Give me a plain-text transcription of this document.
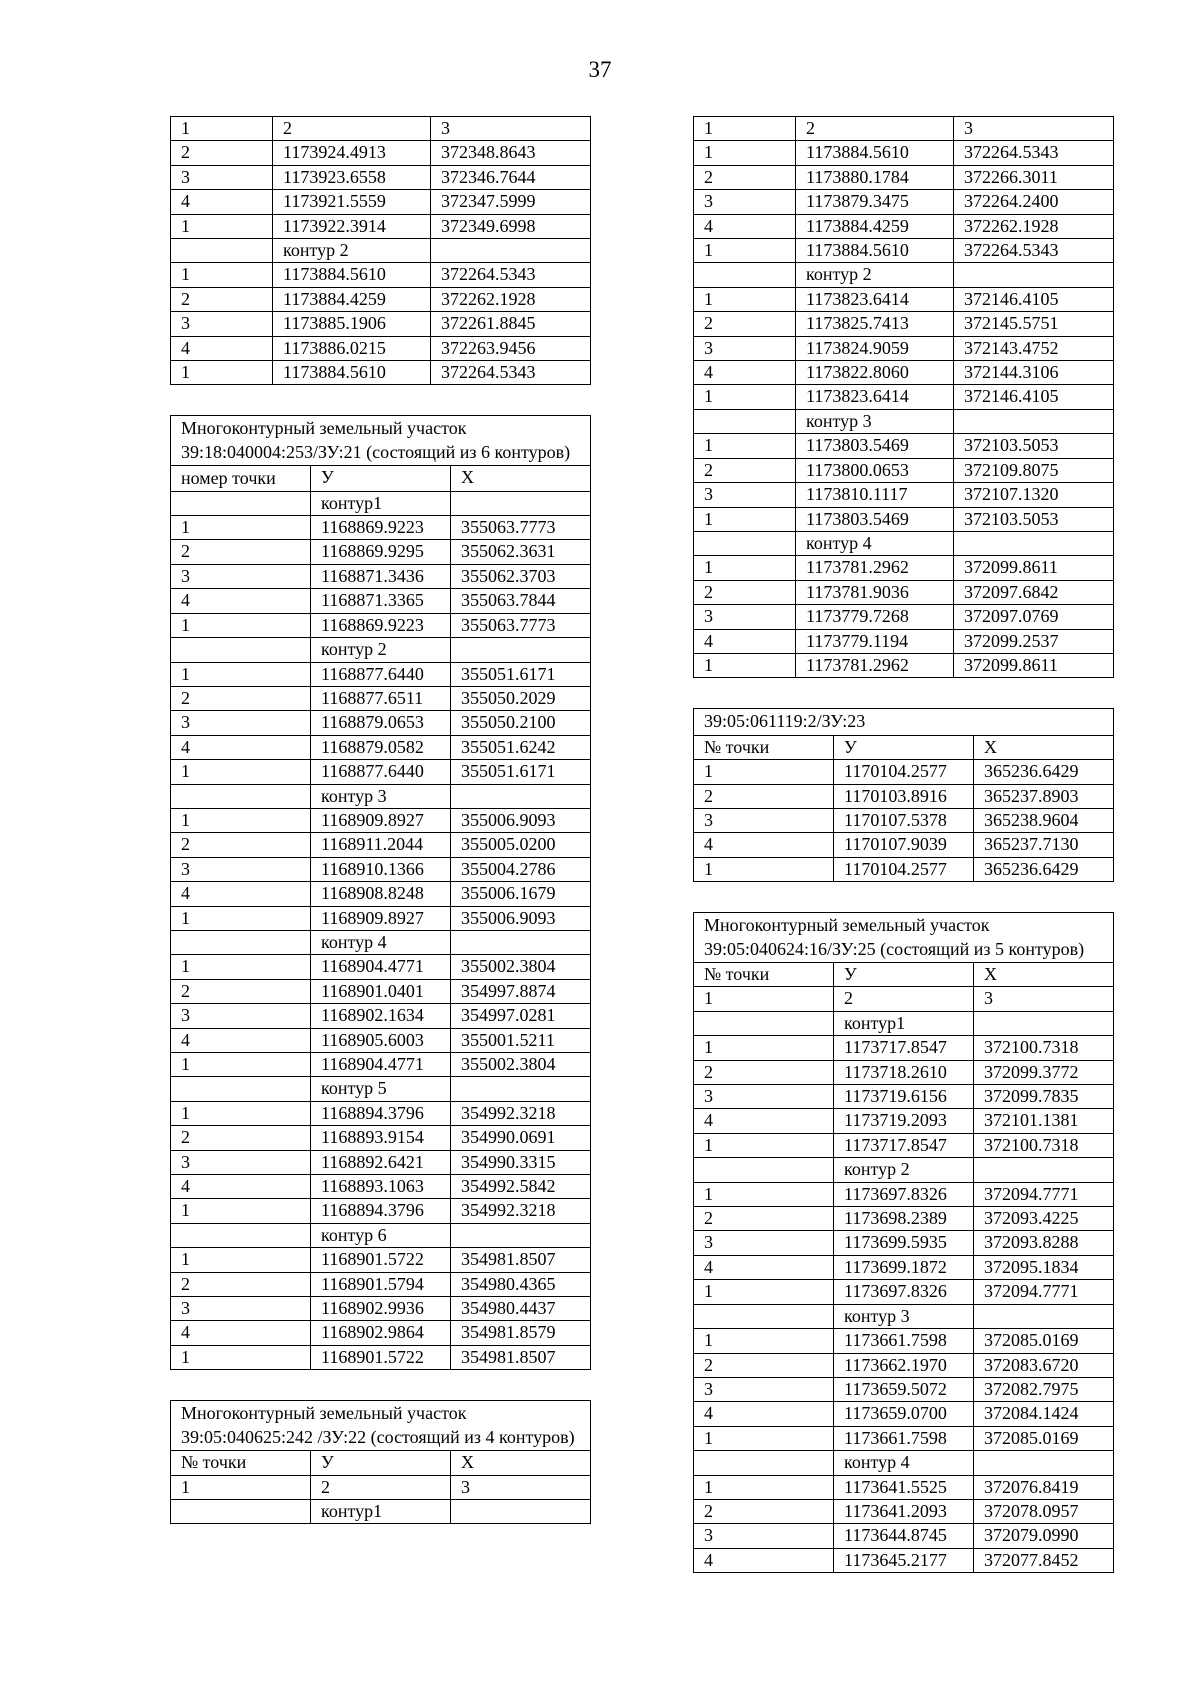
37
1	2	3
2	1173924.4913	372348.8643
3	1173923.6558	372346.7644
4	1173921.5559	372347.5999
1	1173922.3914	372349.6998
	контур 2	
1	1173884.5610	372264.5343
2	1173884.4259	372262.1928
3	1173885.1906	372261.8845
4	1173886.0215	372263.9456
1	1173884.5610	372264.5343
Многоконтурный земельный участок 39:18:040004:253/ЗУ:21 (состоящий из 6 контуров)		
номер точки	У	Х
	контур1	
1	1168869.9223	355063.7773
2	1168869.9295	355062.3631
3	1168871.3436	355062.3703
4	1168871.3365	355063.7844
1	1168869.9223	355063.7773
	контур 2	
1	1168877.6440	355051.6171
2	1168877.6511	355050.2029
3	1168879.0653	355050.2100
4	1168879.0582	355051.6242
1	1168877.6440	355051.6171
	контур 3	
1	1168909.8927	355006.9093
2	1168911.2044	355005.0200
3	1168910.1366	355004.2786
4	1168908.8248	355006.1679
1	1168909.8927	355006.9093
	контур 4	
1	1168904.4771	355002.3804
2	1168901.0401	354997.8874
3	1168902.1634	354997.0281
4	1168905.6003	355001.5211
1	1168904.4771	355002.3804
	контур 5	
1	1168894.3796	354992.3218
2	1168893.9154	354990.0691
3	1168892.6421	354990.3315
4	1168893.1063	354992.5842
1	1168894.3796	354992.3218
	контур 6	
1	1168901.5722	354981.8507
2	1168901.5794	354980.4365
3	1168902.9936	354980.4437
4	1168902.9864	354981.8579
1	1168901.5722	354981.8507
Многоконтурный земельный участок 39:05:040625:242 /ЗУ:22 (состоящий из 4 контуров)		
№ точки	У	Х
1	2	3
	контур1	
1	2	3
1	1173884.5610	372264.5343
2	1173880.1784	372266.3011
3	1173879.3475	372264.2400
4	1173884.4259	372262.1928
1	1173884.5610	372264.5343
	контур 2	
1	1173823.6414	372146.4105
2	1173825.7413	372145.5751
3	1173824.9059	372143.4752
4	1173822.8060	372144.3106
1	1173823.6414	372146.4105
	контур 3	
1	1173803.5469	372103.5053
2	1173800.0653	372109.8075
3	1173810.1117	372107.1320
1	1173803.5469	372103.5053
	контур 4	
1	1173781.2962	372099.8611
2	1173781.9036	372097.6842
3	1173779.7268	372097.0769
4	1173779.1194	372099.2537
1	1173781.2962	372099.8611
39:05:061119:2/ЗУ:23		
№ точки	У	Х
1	1170104.2577	365236.6429
2	1170103.8916	365237.8903
3	1170107.5378	365238.9604
4	1170107.9039	365237.7130
1	1170104.2577	365236.6429
Многоконтурный земельный участок 39:05:040624:16/ЗУ:25 (состоящий из 5 контуров)		
№ точки	У	Х
1	2	3
	контур1	
1	1173717.8547	372100.7318
2	1173718.2610	372099.3772
3	1173719.6156	372099.7835
4	1173719.2093	372101.1381
1	1173717.8547	372100.7318
	контур 2	
1	1173697.8326	372094.7771
2	1173698.2389	372093.4225
3	1173699.5935	372093.8288
4	1173699.1872	372095.1834
1	1173697.8326	372094.7771
	контур 3	
1	1173661.7598	372085.0169
2	1173662.1970	372083.6720
3	1173659.5072	372082.7975
4	1173659.0700	372084.1424
1	1173661.7598	372085.0169
	контур 4	
1	1173641.5525	372076.8419
2	1173641.2093	372078.0957
3	1173644.8745	372079.0990
4	1173645.2177	372077.8452
